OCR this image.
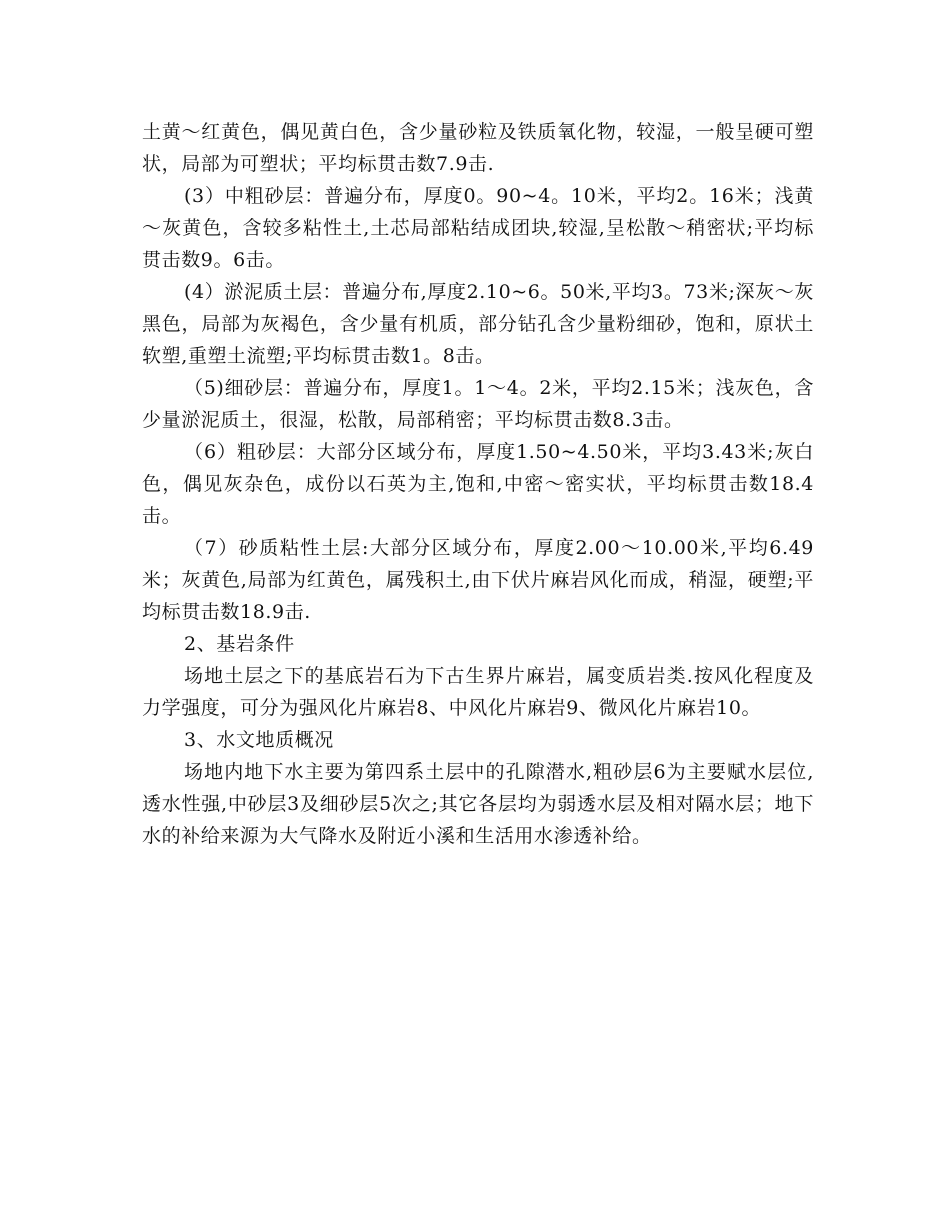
土黄～红黄色，偶见黄白色，含少量砂粒及铁质氧化物，较湿，一般呈硬可塑状，局部为可塑状；平均标贯击数7.9击.

(3）中粗砂层：普遍分布，厚度0。90~4。10米，平均2。16米；浅黄～灰黄色，含较多粘性土,土芯局部粘结成团块,较湿,呈松散～稍密状;平均标贯击数9。6击。

(4）淤泥质土层：普遍分布,厚度2.10~6。50米,平均3。73米;深灰～灰黑色，局部为灰褐色，含少量有机质，部分钻孔含少量粉细砂，饱和，原状土软塑,重塑土流塑;平均标贯击数1。8击。

（5)细砂层：普遍分布，厚度1。1～4。2米，平均2.15米；浅灰色，含少量淤泥质土，很湿，松散，局部稍密；平均标贯击数8.3击。

（6）粗砂层：大部分区域分布，厚度1.50~4.50米，平均3.43米;灰白色，偶见灰杂色，成份以石英为主,饱和,中密～密实状，平均标贯击数18.4击。

（7）砂质粘性土层:大部分区域分布，厚度2.00～10.00米,平均6.49米；灰黄色,局部为红黄色，属残积土,由下伏片麻岩风化而成，稍湿，硬塑;平均标贯击数18.9击.

2、基岩条件

场地土层之下的基底岩石为下古生界片麻岩，属变质岩类.按风化程度及力学强度，可分为强风化片麻岩8、中风化片麻岩9、微风化片麻岩10。

3、水文地质概况

场地内地下水主要为第四系土层中的孔隙潜水,粗砂层6为主要赋水层位,透水性强,中砂层3及细砂层5次之;其它各层均为弱透水层及相对隔水层；地下水的补给来源为大气降水及附近小溪和生活用水渗透补给。
